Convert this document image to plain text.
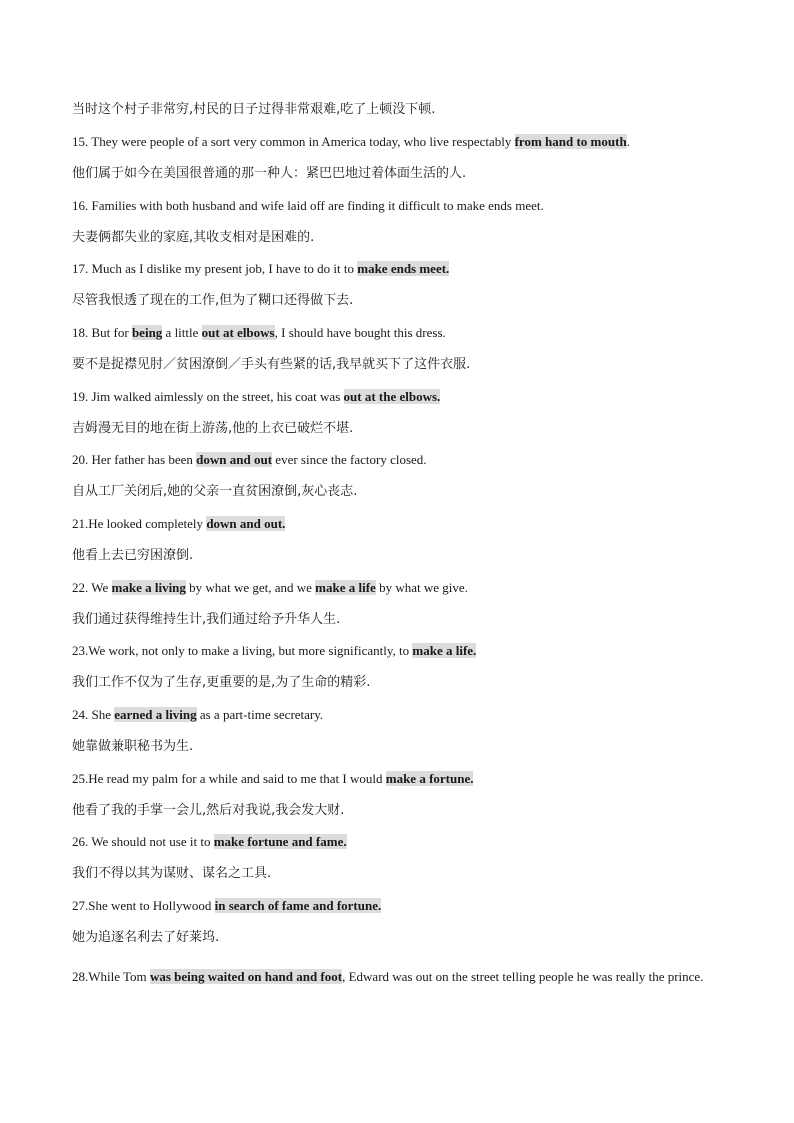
当时这个村子非常穷,村民的日子过得非常艰难,吃了上顿没下顿.
15. They were people of a sort very common in America today, who live respectably from hand to mouth.
他们属于如今在美国很普通的那一种人：紧巴巴地过着体面生活的人.
16. Families with both husband and wife laid off are finding it difficult to make ends meet.
夫妻俩都失业的家庭,其收支相对是困难的.
17. Much as I dislike my present job, I have to do it to make ends meet.
尽管我恨透了现在的工作,但为了糊口还得做下去.
18. But for being a little out at elbows, I should have bought this dress.
要不是捉襟见肘／贫困潦倒／手头有些紧的话,我早就买下了这件衣服.
19. Jim walked aimlessly on the street, his coat was out at the elbows.
吉姆漫无目的地在街上游荡,他的上衣已破烂不堪.
20. Her father has been down and out ever since the factory closed.
自从工厂关闭后,她的父亲一直贫困潦倒,灰心丧志.
21.He looked completely down and out.
他看上去已穷困潦倒.
22. We make a living by what we get, and we make a life by what we give.
我们通过获得维持生计,我们通过给予升华人生.
23.We work, not only to make a living, but more significantly, to make a life.
我们工作不仅为了生存,更重要的是,为了生命的精彩.
24. She earned a living as a part-time secretary.
她靠做兼职秘书为生.
25.He read my palm for a while and said to me that I would make a fortune.
他看了我的手掌一会儿,然后对我说,我会发大财.
26. We should not use it to make fortune and fame.
我们不得以其为谋财、谋名之工具.
27.She went to Hollywood in search of fame and fortune.
她为追逐名利去了好莱坞.
28.While Tom was being waited on hand and foot, Edward was out on the street telling people he was really the prince.
